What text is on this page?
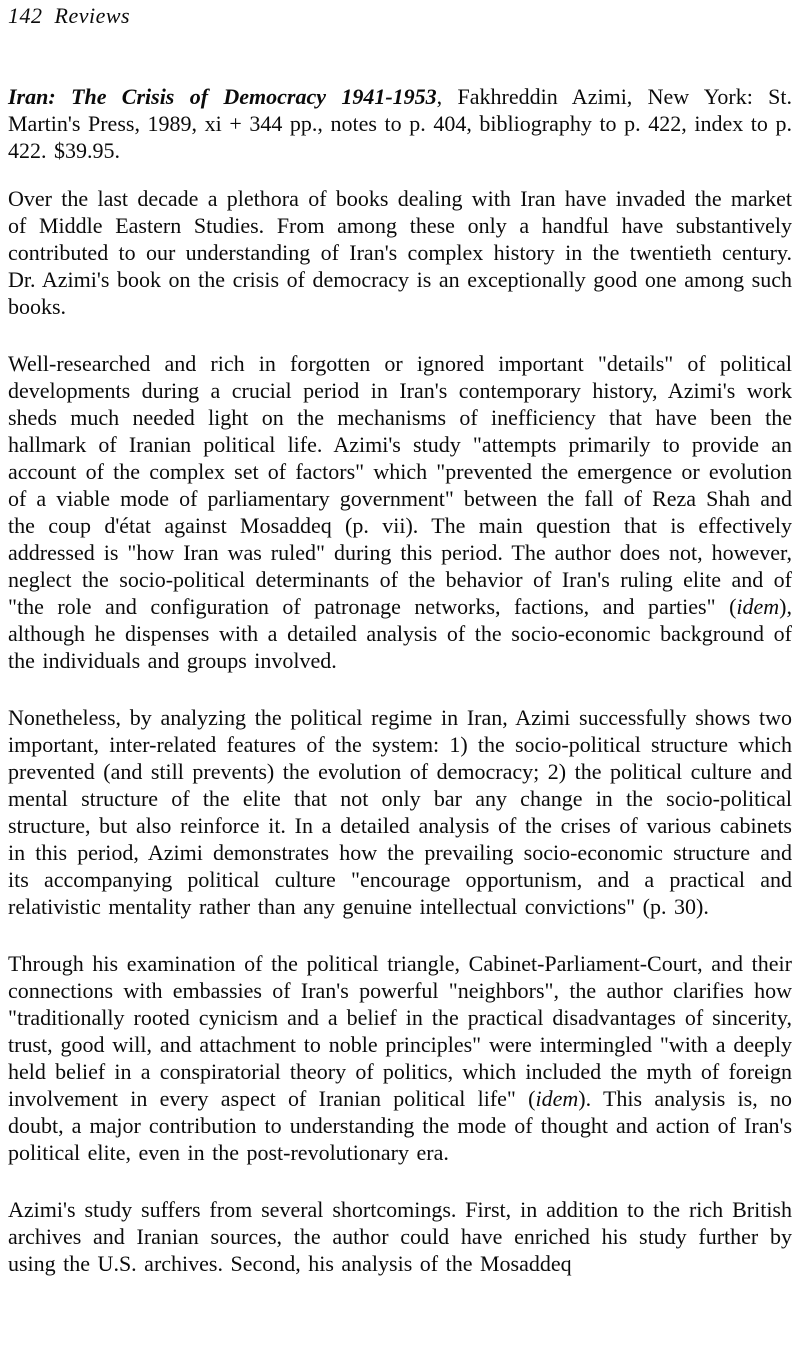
142 Reviews
Iran: The Crisis of Democracy 1941-1953, Fakhreddin Azimi, New York: St. Martin's Press, 1989, xi + 344 pp., notes to p. 404, bibliography to p. 422, index to p. 422. $39.95.

Over the last decade a plethora of books dealing with Iran have invaded the market of Middle Eastern Studies. From among these only a handful have substantively contributed to our understanding of Iran's complex history in the twentieth century. Dr. Azimi's book on the crisis of democracy is an exceptionally good one among such books.

Well-researched and rich in forgotten or ignored important "details" of political developments during a crucial period in Iran's contemporary history, Azimi's work sheds much needed light on the mechanisms of inefficiency that have been the hallmark of Iranian political life. Azimi's study "attempts primarily to provide an account of the complex set of factors" which "prevented the emergence or evolution of a viable mode of parliamentary government" between the fall of Reza Shah and the coup d'état against Mosaddeq (p. vii). The main question that is effectively addressed is "how Iran was ruled" during this period. The author does not, however, neglect the socio-political determinants of the behavior of Iran's ruling elite and of "the role and configuration of patronage networks, factions, and parties" (idem), although he dispenses with a detailed analysis of the socio-economic background of the individuals and groups involved.

Nonetheless, by analyzing the political regime in Iran, Azimi successfully shows two important, inter-related features of the system: 1) the socio-political structure which prevented (and still prevents) the evolution of democracy; 2) the political culture and mental structure of the elite that not only bar any change in the socio-political structure, but also reinforce it. In a detailed analysis of the crises of various cabinets in this period, Azimi demonstrates how the prevailing socio-economic structure and its accompanying political culture "encourage opportunism, and a practical and relativistic mentality rather than any genuine intellectual convictions" (p. 30).

Through his examination of the political triangle, Cabinet-Parliament-Court, and their connections with embassies of Iran's powerful "neighbors", the author clarifies how "traditionally rooted cynicism and a belief in the practical disadvantages of sincerity, trust, good will, and attachment to noble principles" were intermingled "with a deeply held belief in a conspiratorial theory of politics, which included the myth of foreign involvement in every aspect of Iranian political life" (idem). This analysis is, no doubt, a major contribution to understanding the mode of thought and action of Iran's political elite, even in the post-revolutionary era.

Azimi's study suffers from several shortcomings. First, in addition to the rich British archives and Iranian sources, the author could have enriched his study further by using the U.S. archives. Second, his analysis of the Mosaddeq
